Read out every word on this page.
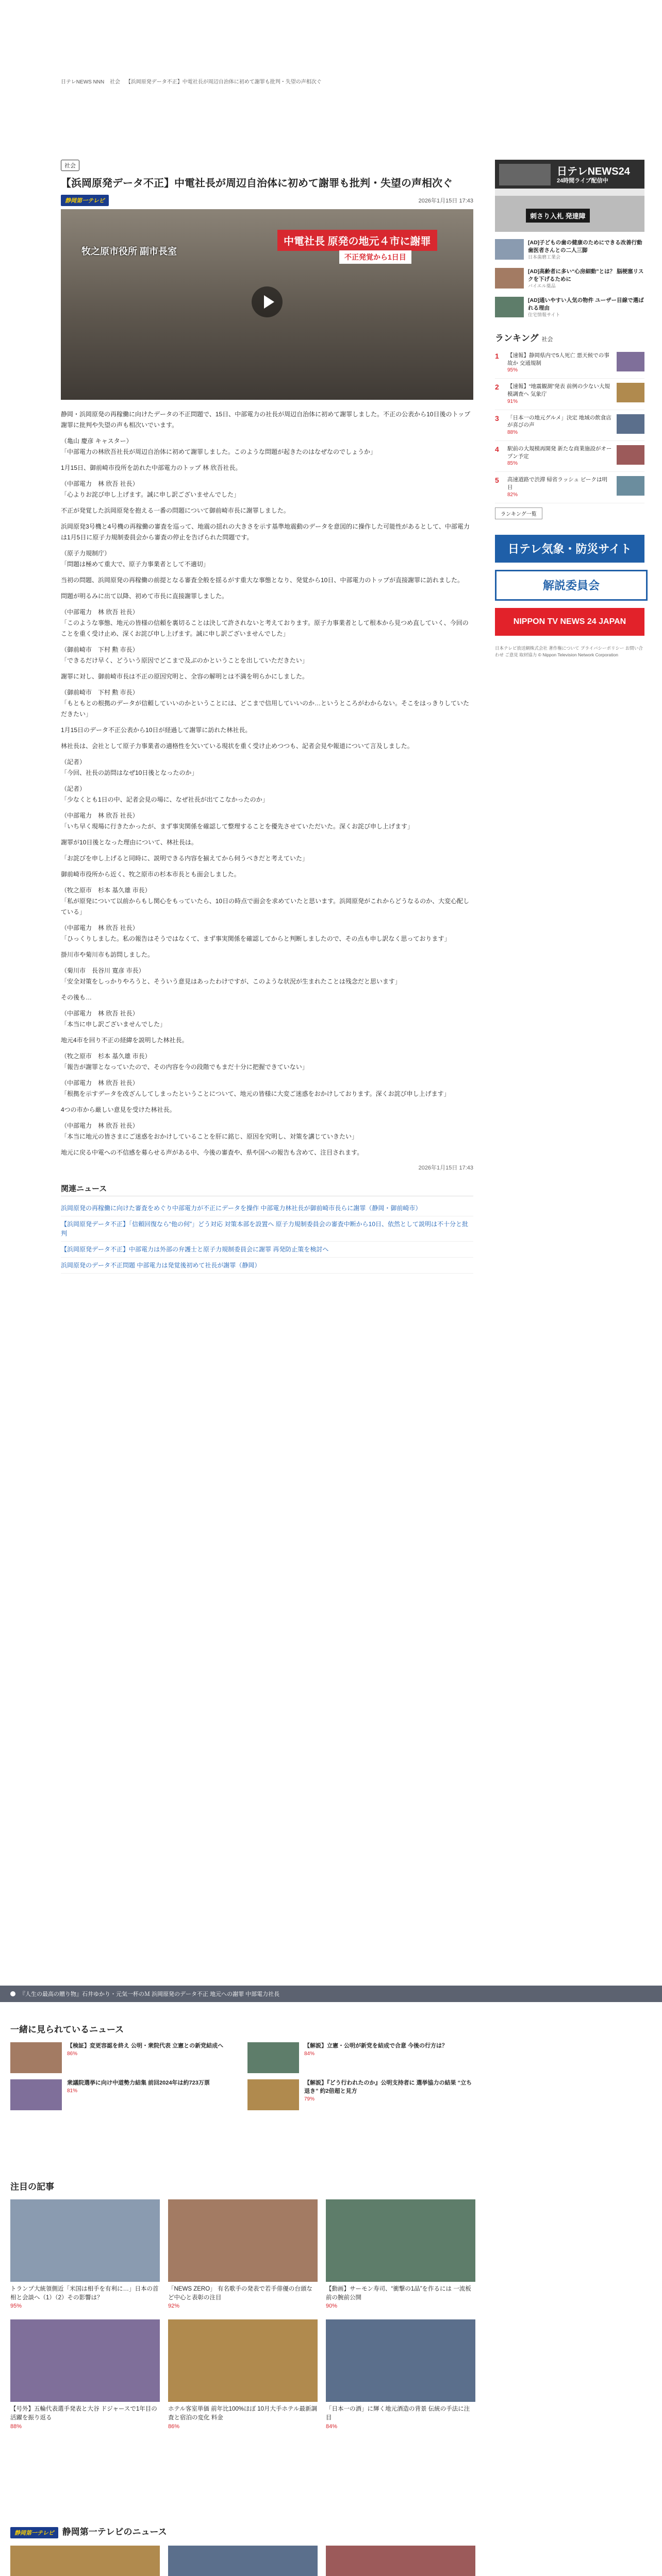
日テレNEWS NNN 社会 【浜岡原発データ不正】中電社長が周辺自治体に初めて謝罪も批判・失望の声相次ぐ
社会
【浜岡原発データ不正】中電社長が周辺自治体に初めて謝罪も批判・失望の声相次ぐ
静岡第一テレビ	2026年1月15日 17:43
中電社長 原発の地元４市に謝罪
不正発覚から1日目
牧之原市役所 副市長室

静岡・浜岡原発の再稼働に向けたデータの不正問題で、15日、中部電力の社長が周辺自治体に初めて謝罪しました。不正の公表から10日後のトップ謝罪に批判や失望の声も相次いでいます。

（亀山 慶彦 キャスター）
「中部電力の林欣吾社長が周辺自治体に初めて謝罪しました。このような問題が起きたのはなぜなのでしょうか」

1月15日、御前崎市役所を訪れた中部電力のトップ 林 欣吾社長。

（中部電力　林 欣吾 社長）
「心よりお詫び申し上げます。誠に申し訳ございませんでした」

不正が発覚した浜岡原発を抱える一番の問題について御前崎市長に謝罪しました。

浜岡原発3号機と4号機の再稼働の審査を巡って、地震の揺れの大きさを示す基準地震動のデータを意図的に操作した可能性があるとして、中部電力は1月5日に原子力規制委員会から審査の停止を告げられた問題です。

（原子力規制庁）
「問題は極めて重大で、原子力事業者として不適切」

当初の問題、浜岡原発の再稼働の前提となる審査全般を揺るがす重大な事態となり、発覚から10日、中部電力のトップが直接謝罪に訪れました。

問題が明るみに出て以降、初めて市長に直接謝罪しました。

（中部電力　林 欣吾 社長）
「このような事態、地元の皆様の信頼を裏切ることは決して許されないと考えております。原子力事業者として根本から見つめ直していく、今回のことを重く受け止め、深くお詫び申し上げます。誠に申し訳ございませんでした」

（御前崎市　下村 勲 市長）
「できるだけ早く、どういう原因でどこまで及ぶのかということを出していただきたい」

謝罪に対し、御前崎市長は不正の原因究明と、全容の解明とは不満を明らかにしました。

（御前崎市　下村 勲 市長）
「もともとの根拠のデータが信頼していいのかということには、どこまで信用していいのか…というところがわからない。そこをはっきりしていただきたい」

1月15日のデータ不正公表から10日が経過して謝罪に訪れた林社長。

林社長は、会社として原子力事業者の適格性を欠いている現状を重く受け止めつつも、記者会見や報道について言及しました。

（記者）
「今回、社長の訪問はなぜ10日後となったのか」

（記者）
「少なくとも1日の中、記者会見の場に、なぜ社長が出てこなかったのか」

（中部電力　林 欣吾 社長）
「いち早く現場に行きたかったが、まず事実関係を確認して整理することを優先させていただいた。深くお詫び申し上げます」

謝罪が10日後となった理由について、林社長は。

「お詫びを申し上げると同時に、説明できる内容を揃えてから伺うべきだと考えていた」

御前崎市役所から近く、牧之原市の杉本市長とも面会しました。

（牧之原市　杉本 基久雄 市長）
「私が原発について以前からもし関心をもっていたら、10日の時点で面会を求めていたと思います。浜岡原発がこれからどうなるのか、大変心配している」

（中部電力　林 欣吾 社長）
「ひっくりしました。私の報告はそうではなくて、まず事実関係を確認してからと判断しましたので、その点も申し訳なく思っております」

掛川市や菊川市も訪問しました。

（菊川市　長谷川 寛彦 市長）
「安全対策をしっかりやろうと、そういう意見はあったわけですが、このような状況が生まれたことは残念だと思います」

その後も…

（中部電力　林 欣吾 社長）
「本当に申し訳ございませんでした」

地元4市を回り不正の経緯を説明した林社長。

（牧之原市　杉本 基久雄 市長）
「報告が謝罪となっていたので、その内容を今の段階でもまだ十分に把握できていない」

（中部電力　林 欣吾 社長）
「根拠を示すデータを改ざんしてしまったということについて、地元の皆様に大変ご迷惑をおかけしております。深くお詫び申し上げます」

4つの市から厳しい意見を受けた林社長。

（中部電力　林 欣吾 社長）
「本当に地元の皆さまにご迷惑をおかけしていることを肝に銘じ、原因を究明し、対策を講じていきたい」

地元に戻る中電への不信感を募らせる声がある中、今後の審査や、県や国への報告も含めて、注目されます。

2026年1月15日 17:43
関連ニュース
浜岡原発の再稼働に向けた審査をめぐり中部電力が不正にデータを操作 中部電力林社長が御前崎市長らに謝罪（静岡・御前崎市）
【浜岡原発データ不正】「信頼回復なら“他の何”」どう対応 対策本部を設置へ 原子力規制委員会の審査中断から10日、依然として説明は不十分と批判
【浜岡原発データ不正】中部電力は外部の弁護士と原子力規制委員会に謝罪 再発防止策を検討へ
浜岡原発のデータ不正問題 中部電力は発覚後初めて社長が謝罪（静岡）
日テレNEWS24
24時間ライブ配信中
刺さり入札 発達障
[AD]子どもの歯の健康のためにできる改善行動 歯医者さんとの二人三脚
日本歯磨工業会
[AD]高齢者に多い“心房細動”とは？ 脳梗塞リスクを下げるために
バイエル薬品
[AD]通いやすい人気の物件 ユーザー目線で選ばれる理由
住宅情報サイト
ランキング 社会
1	【速報】静岡県内で5人死亡 悪天候での事故か 交通規制
95%
2	【速報】“地震観測”発表 前例の少ない大規模調査へ 気象庁
91%
3	「日本一の地元グルメ」決定 地域の飲食店が喜びの声
88%
4	駅前の大規模再開発 新たな商業施設がオープン予定
85%
5	高速道路で渋滞 帰省ラッシュ ピークは明日
82%
ランキング一覧
日テレ気象・防災サイト
解説委員会
NIPPON TV NEWS 24 JAPAN
日本テレビ放送網株式会社 著作権について プライバシーポリシー お問い合わせ ご意見 取材協力 © Nippon Television Network Corporation
『人生の最高の贈り物』石井ゆかり・元気一杯のＭ 浜岡原発のデータ不正 地元への謝罪 中部電力社長
一緒に見られているニュース
【検証】変更容認を終え 公明・衆院代表 立憲との新党結成へ
86%
【解説】立憲・公明が新党を結成で合意 今後の行方は？
84%
衆議院選挙に向け中道勢力結集 前回2024年は約723万票
81%
【解説】『どう行われたのか』公明支持者に 選挙協力の結果 “立ち退き” 約2倍超と見方
79%
注目の記事
トランプ大統領側近「米国は相手を有利に…」日本の首相と会談へ（1）（2）その影響は？
95%
「NEWS ZERO」 有名歌手の発表で若手俳優の台頭など中心と表彰の注目
92%
【動画】サーモン寿司、“衝撃の1品”を作るには 一流板前の腕前公開
90%
【号外】五輪代表選手発表と大谷 ドジャースで1年目の活躍を振り返る
88%
ホテル客室単価 前年比100%ほぼ 10月大手ホテル最新調査と宿泊の変化 料金
86%
「日本一の酒」に輝く地元酒造の背景 伝統の手法に注目
84%
静岡第一テレビ 静岡第一テレビのニュース
